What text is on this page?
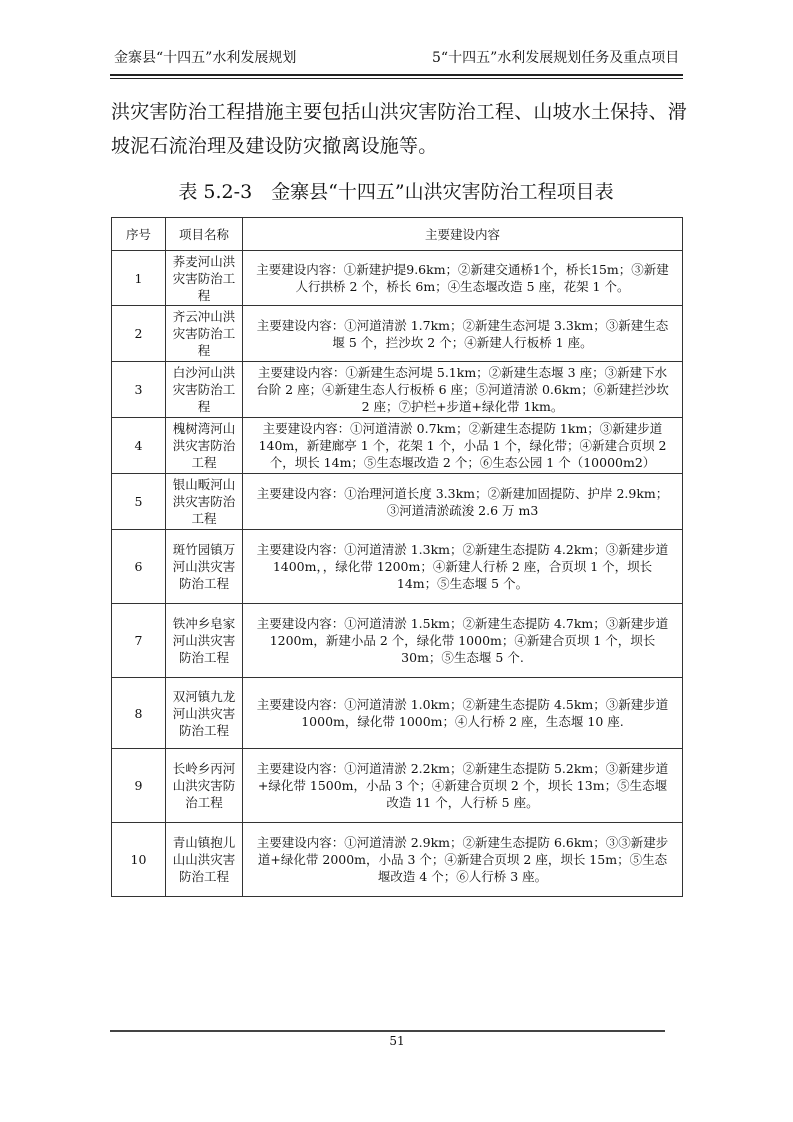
金寨县“十四五”水利发展规划	5“十四五”水利发展规划任务及重点项目

洪灾害防治工程措施主要包括山洪灾害防治工程、山坡水土保持、滑坡泥石流治理及建设防灾撤离设施等。

表 5.2-3　金寨县“十四五”山洪灾害防治工程项目表
序号	项目名称	主要建设内容
1	荞麦河山洪灾害防治工程	主要建设内容：①新建护提9.6km；②新建交通桥1个，桥长15m；③新建人行拱桥 2 个，桥长 6m；④生态堰改造 5 座，花架 1 个。
2	齐云冲山洪灾害防治工程	主要建设内容：①河道清淤 1.7km；②新建生态河堤 3.3km；③新建生态堰 5 个，拦沙坎 2 个；④新建人行板桥 1 座。
3	白沙河山洪灾害防治工程	主要建设内容：①新建生态河堤 5.1km；②新建生态堰 3 座；③新建下水台阶 2 座；④新建生态人行板桥 6 座；⑤河道清淤 0.6km；⑥新建拦沙坎 2 座；⑦护栏+步道+绿化带 1km。
4	槐树湾河山洪灾害防治工程	主要建设内容：①河道清淤 0.7km；②新建生态提防 1km；③新建步道 140m，新建廊亭 1 个，花架 1 个，小品 1 个，绿化带；④新建合页坝 2 个，坝长 14m；⑤生态堰改造 2 个；⑥生态公园 1 个（10000m2）
5	银山畈河山洪灾害防治工程	主要建设内容：①治理河道长度 3.3km；②新建加固提防、护岸 2.9km；③河道清淤疏浚 2.6 万 m3
6	斑竹园镇万河山洪灾害防治工程	主要建设内容：①河道清淤 1.3km；②新建生态提防 4.2km；③新建步道 1400m，，绿化带 1200m；④新建人行桥 2 座，合页坝 1 个，坝长 14m；⑤生态堰 5 个。
7	铁冲乡皂家河山洪灾害防治工程	主要建设内容：①河道清淤 1.5km；②新建生态提防 4.7km；③新建步道 1200m，新建小品 2 个，绿化带 1000m；④新建合页坝 1 个，坝长 30m；⑤生态堰 5 个.
8	双河镇九龙河山洪灾害防治工程	主要建设内容：①河道清淤 1.0km；②新建生态提防 4.5km；③新建步道 1000m，绿化带 1000m；④人行桥 2 座，生态堰 10 座.
9	长岭乡丙河山洪灾害防治工程	主要建设内容：①河道清淤 2.2km；②新建生态提防 5.2km；③新建步道+绿化带 1500m，小品 3 个；④新建合页坝 2 个，坝长 13m；⑤生态堰改造 11 个，人行桥 5 座。
10	青山镇抱儿山山洪灾害防治工程	主要建设内容：①河道清淤 2.9km；②新建生态提防 6.6km；③③新建步道+绿化带 2000m，小品 3 个；④新建合页坝 2 座，坝长 15m；⑤生态堰改造 4 个；⑥人行桥 3 座。
51
